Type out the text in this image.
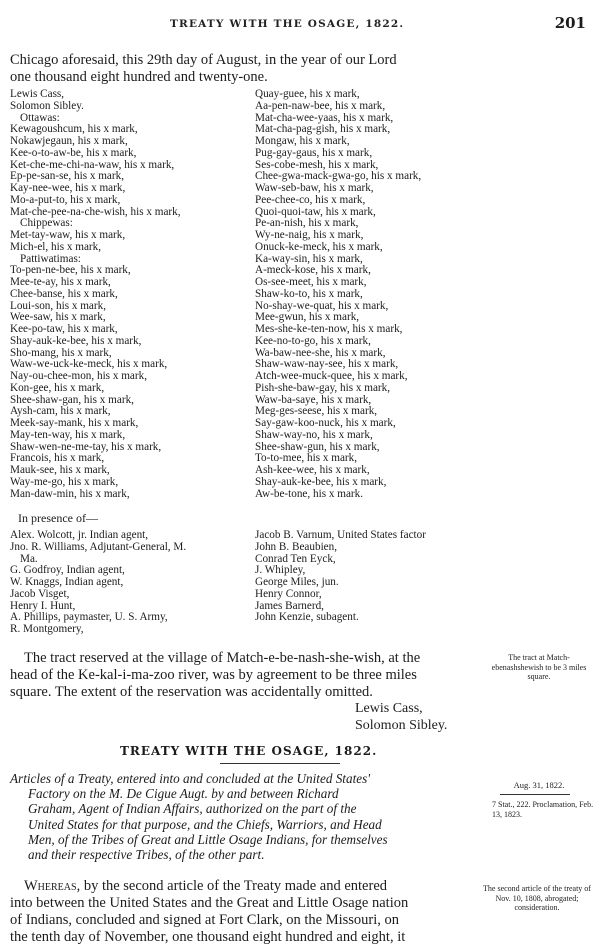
TREATY WITH THE OSAGE, 1822.	201
Chicago aforesaid, this 29th day of August, in the year of our Lord
one thousand eight hundred and twenty-one.
Lewis Cass,
Solomon Sibley.
Ottawas:
Kewagoushcum, his x mark,
Nokawjegaun, his x mark,
Kee-o-to-aw-be, his x mark,
Ket-che-me-chi-na-waw, his x mark,
Ep-pe-san-se, his x mark,
Kay-nee-wee, his x mark,
Mo-a-put-to, his x mark,
Mat-che-pee-na-che-wish, his x mark,
Chippewas:
Met-tay-waw, his x mark,
Mich-el, his x mark,
Pattiwatimas:
To-pen-ne-bee, his x mark,
Mee-te-ay, his x mark,
Chee-banse, his x mark,
Loui-son, his x mark,
Wee-saw, his x mark,
Kee-po-taw, his x mark,
Shay-auk-ke-bee, his x mark,
Sho-mang, his x mark,
Waw-we-uck-ke-meck, his x mark,
Nay-ou-chee-mon, his x mark,
Kon-gee, his x mark,
Shee-shaw-gan, his x mark,
Aysh-cam, his x mark,
Meek-say-mank, his x mark,
May-ten-way, his x mark,
Shaw-wen-ne-me-tay, his x mark,
Francois, his x mark,
Mauk-see, his x mark,
Way-me-go, his x mark,
Man-daw-min, his x mark,
Quay-guee, his x mark,
Aa-pen-naw-bee, his x mark,
Mat-cha-wee-yaas, his x mark,
Mat-cha-pag-gish, his x mark,
Mongaw, his x mark,
Pug-gay-gaus, his x mark,
Ses-cobe-mesh, his x mark,
Chee-gwa-mack-gwa-go, his x mark,
Waw-seb-baw, his x mark,
Pee-chee-co, his x mark,
Quoi-quoi-taw, his x mark,
Pe-an-nish, his x mark,
Wy-ne-naig, his x mark,
Onuck-ke-meck, his x mark,
Ka-way-sin, his x mark,
A-meck-kose, his x mark,
Os-see-meet, his x mark,
Shaw-ko-to, his x mark,
No-shay-we-quat, his x mark,
Mee-gwun, his x mark,
Mes-she-ke-ten-now, his x mark,
Kee-no-to-go, his x mark,
Wa-baw-nee-she, his x mark,
Shaw-waw-nay-see, his x mark,
Atch-wee-muck-quee, his x mark,
Pish-she-baw-gay, his x mark,
Waw-ba-saye, his x mark,
Meg-ges-seese, his x mark,
Say-gaw-koo-nuck, his x mark,
Shaw-way-no, his x mark,
Shee-shaw-gun, his x mark,
To-to-mee, his x mark,
Ash-kee-wee, his x mark,
Shay-auk-ke-bee, his x mark,
Aw-be-tone, his x mark.
In presence of—
Alex. Wolcott, jr. Indian agent,
Jno. R. Williams, Adjutant-General, M.
Ma.
G. Godfroy, Indian agent,
W. Knaggs, Indian agent,
Jacob Visget,
Henry I. Hunt,
A. Phillips, paymaster, U. S. Army,
R. Montgomery,
Jacob B. Varnum, United States factor
John B. Beaubien,
Conrad Ten Eyck,
J. Whipley,
George Miles, jun.
Henry Connor,
James Barnerd,
John Kenzie, subagent.
The tract reserved at the village of Match-e-be-nash-she-wish, at the
head of the Ke-kal-i-ma-zoo river, was by agreement to be three miles
square. The extent of the reservation was accidentally omitted.
The tract at Match-ebenashshewish to be 3 miles square.
Lewis Cass,
Solomon Sibley.
TREATY WITH THE OSAGE, 1822.
Articles of a Treaty, entered into and concluded at the United States'
Factory on the M. De Cigue Augt. by and between Richard
Graham, Agent of Indian Affairs, authorized on the part of the
United States for that purpose, and the Chiefs, Warriors, and Head
Men, of the Tribes of Great and Little Osage Indians, for themselves
and their respective Tribes, of the other part.
Aug. 31, 1822.
7 Stat., 222. Proclamation, Feb. 13, 1823.
Whereas, by the second article of the Treaty made and entered
into between the United States and the Great and Little Osage nation
of Indians, concluded and signed at Fort Clark, on the Missouri, on
the tenth day of November, one thousand eight hundred and eight, it
The second article of the treaty of Nov. 10, 1808, abrogated; consideration.
